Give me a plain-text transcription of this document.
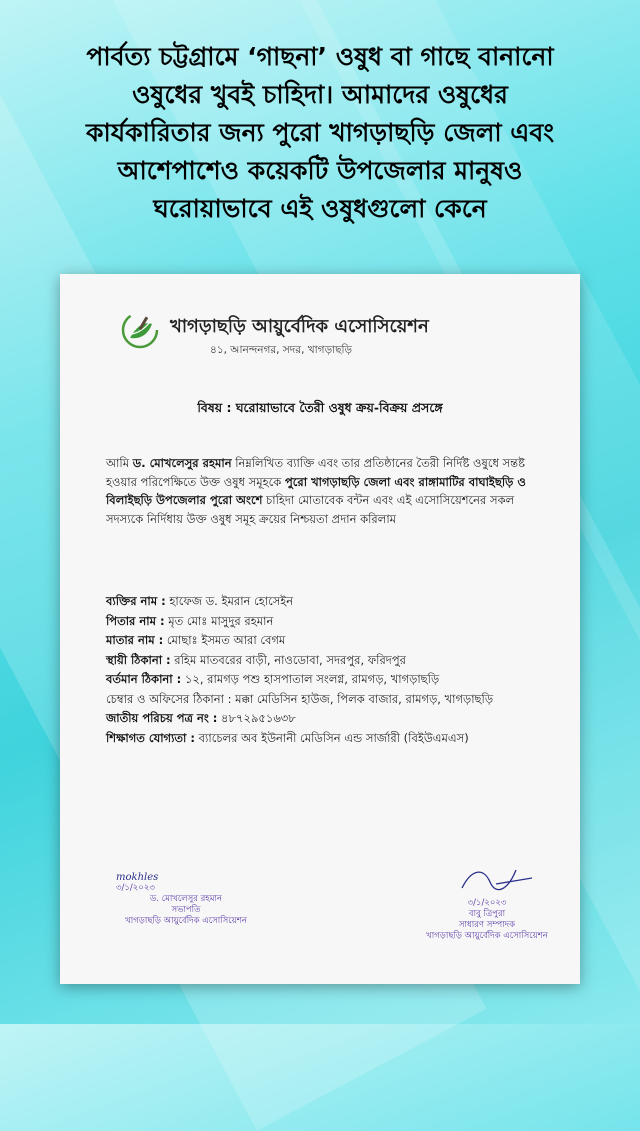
পার্বত্য চট্টগ্রামে ‘গাছনা’ ওষুধ বা গাছে বানানো
ওষুধের খুবই চাহিদা। আমাদের ওষুধের
কার্যকারিতার জন্য পুরো খাগড়াছড়ি জেলা এবং
আশেপাশেও কয়েকটি উপজেলার মানুষও
ঘরোয়াভাবে এই ওষুধগুলো কেনে
খাগড়াছড়ি আয়ুর্বেদিক এসোসিয়েশন
৪১, আনন্দনগর, সদর, খাগড়াছড়ি
বিষয় : ঘরোয়াভাবে তৈরী ওষুধ ক্রয়-বিক্রয় প্রসঙ্গে
আমি ড. মোখলেসুর রহমান নিম্নলিখিত ব্যাক্তি এবং তার প্রতিষ্ঠানের তৈরী নির্দিষ্ট ওষুধে সন্তষ্ট হওয়ার পরিপেক্ষিতে উক্ত ওষুধ সমূহকে পুরো খাগড়াছড়ি জেলা এবং রাঙ্গামাটির বাঘাইছড়ি ও বিলাইছড়ি উপজেলার পুরো অংশে চাহিদা মোতাবেক বন্টন এবং এই এসোসিয়েশনের সকল সদস্যকে নির্দিধায় উক্ত ওষুধ সমূহ ক্রয়ের নিশ্চয়তা প্রদান করিলাম
ব্যক্তির নাম : হাফেজ ড. ইমরান হোসেইন
পিতার নাম : মৃত মোঃ মাসুদুর রহমান
মাতার নাম : মোছাঃ ইসমত আরা বেগম
স্থায়ী ঠিকানা : রহিম মাতবরের বাড়ী, নাওডোবা, সদরপুর, ফরিদপুর
বর্তমান ঠিকানা : ১২, রামগড় পশু হাসপাতাল সংলগ্ন, রামগড়, খাগড়াছড়ি
চেম্বার ও অফিসের ঠিকানা : মক্কা মেডিসিন হাউজ, পিলক বাজার, রামগড়, খাগড়াছড়ি
জাতীয় পরিচয় পত্র নং : ৪৮৭২৯৫১৬৩৮
শিক্ষাগত যোগ্যতা : ব্যাচেলর অব ইউনানী মেডিসিন এন্ড সার্জারী (বিইউএমএস)
mokhles
৩/১/২০২৩
ড. মোখলেসুর রহমান
সভাপতি
খাগড়াছড়ি আয়ুর্বেদিক এসোসিয়েশন
৩/১/২০২৩
বাবু ত্রিপুরা
সাধারণ সম্পাদক
খাগড়াছড়ি আয়ুর্বেদিক এসোসিয়েশন
